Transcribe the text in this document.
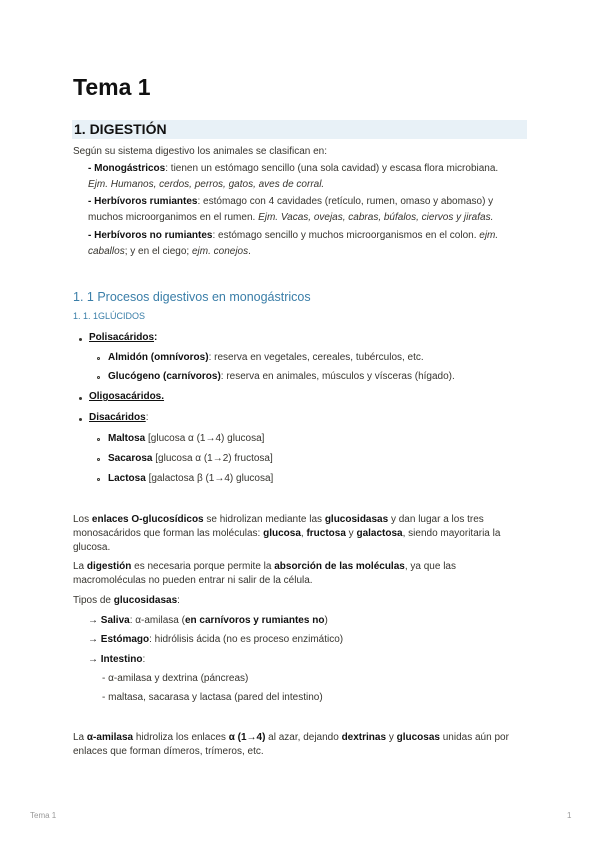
Tema 1
1. DIGESTIÓN
Según su sistema digestivo los animales se clasifican en:
- Monogástricos: tienen un estómago sencillo (una sola cavidad) y escasa flora microbiana.
Ejm. Humanos, cerdos, perros, gatos, aves de corral.
- Herbívoros rumiantes: estómago con 4 cavidades (retículo, rumen, omaso y abomaso) y
muchos microorganimos en el rumen. Ejm. Vacas, ovejas, cabras, búfalos, ciervos y jirafas.
- Herbívoros no rumiantes: estómago sencillo y muchos microorganismos en el colon. ejm.
caballos; y en el ciego; ejm. conejos.
1. 1 Procesos digestivos en monogástricos
1. 1. 1GLÚCIDOS
Polisacáridos:
Almidón (omnívoros): reserva en vegetales, cereales, tubérculos, etc.
Glucógeno (carnívoros): reserva en animales, músculos y vísceras (hígado).
Oligosacáridos.
Disacáridos:
Maltosa [glucosa α (1→4) glucosa]
Sacarosa [glucosa α (1→2) fructosa]
Lactosa [galactosa β (1→4) glucosa]
Los enlaces O-glucosídicos se hidrolizan mediante las glucosidasas y dan lugar a los tres
monosacáridos que forman las moléculas: glucosa, fructosa y galactosa, siendo mayoritaria la
glucosa.
La digestión es necesaria porque permite la absorción de las moléculas, ya que las
macromoléculas no pueden entrar ni salir de la célula.
Tipos de glucosidasas:
→ Saliva: α-amilasa (en carnívoros y rumiantes no)
→ Estómago: hidrólisis ácida (no es proceso enzimático)
→ Intestino:
- α-amilasa y dextrina (páncreas)
- maltasa, sacarasa y lactasa (pared del intestino)
La α-amilasa hidroliza los enlaces α (1→4) al azar, dejando dextrinas y glucosas unidas aún por
enlaces que forman dímeros, trímeros, etc.
Tema 1	1
